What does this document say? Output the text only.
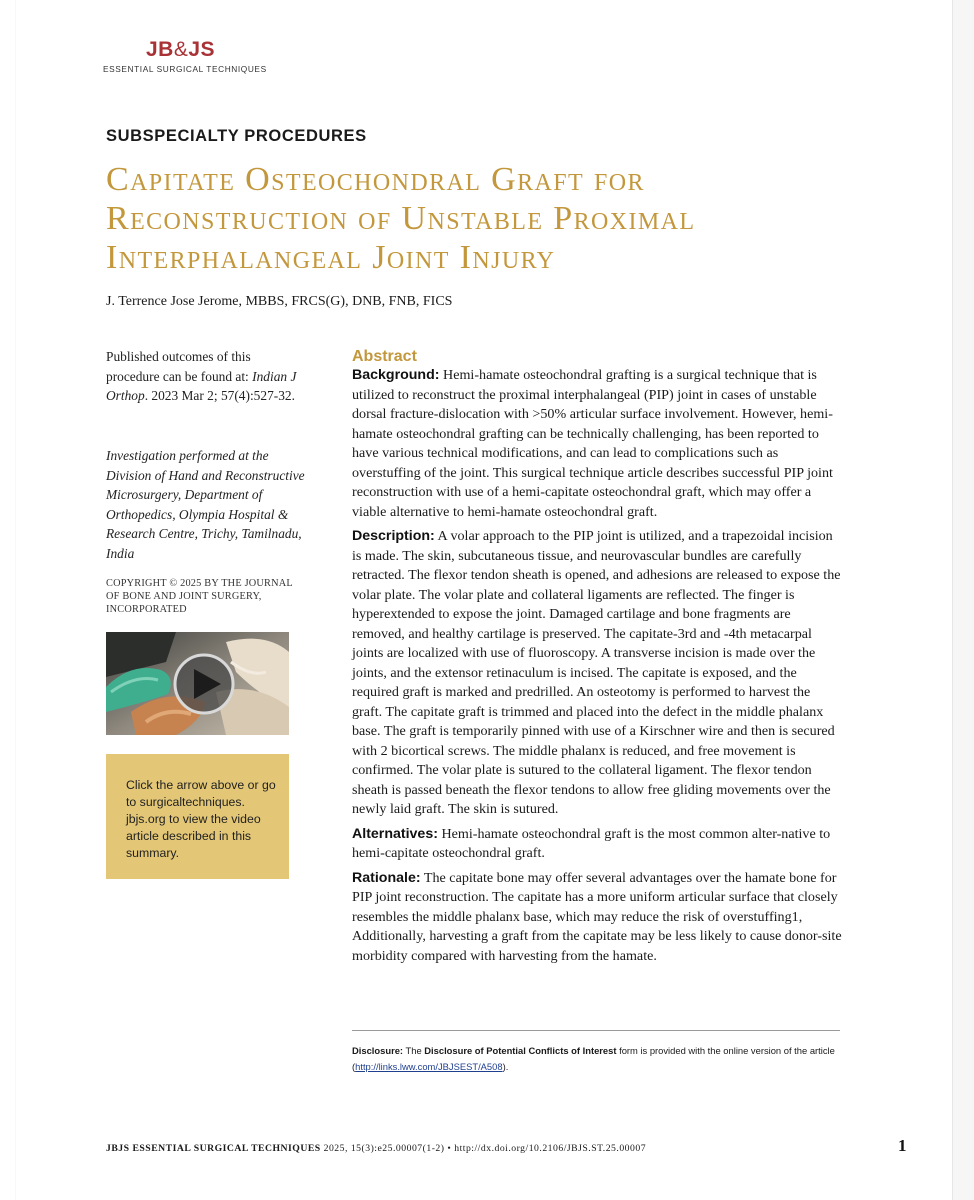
JB&JS
ESSENTIAL SURGICAL TECHNIQUES
SUBSPECIALTY PROCEDURES
Capitate Osteochondral Graft for Reconstruction of Unstable Proximal Interphalangeal Joint Injury
J. Terrence Jose Jerome, MBBS, FRCS(G), DNB, FNB, FICS
Published outcomes of this procedure can be found at: Indian J Orthop. 2023 Mar 2; 57(4):527-32.
Investigation performed at the Division of Hand and Reconstructive Microsurgery, Department of Orthopedics, Olympia Hospital & Research Centre, Trichy, Tamilnadu, India
COPYRIGHT © 2025 BY THE JOURNAL OF BONE AND JOINT SURGERY, INCORPORATED
Click the arrow above or go to surgicaltechniques. jbjs.org to view the video article described in this summary.
Abstract

Background: Hemi-hamate osteochondral grafting is a surgical technique that is utilized to reconstruct the proximal interphalangeal (PIP) joint in cases of unstable dorsal fracture-dislocation with >50% articular surface involvement. However, hemi-hamate osteochondral grafting can be technically challenging, has been reported to have various technical modifications, and can lead to complications such as overstuffing of the joint. This surgical technique article describes successful PIP joint reconstruction with use of a hemi-capitate osteochondral graft, which may offer a viable alternative to hemi-hamate osteochondral graft.

Description: A volar approach to the PIP joint is utilized, and a trapezoidal incision is made. The skin, subcutaneous tissue, and neurovascular bundles are carefully retracted. The flexor tendon sheath is opened, and adhesions are released to expose the volar plate. The volar plate and collateral ligaments are reflected. The finger is hyperextended to expose the joint. Damaged cartilage and bone fragments are removed, and healthy cartilage is preserved. The capitate-3rd and -4th metacarpal joints are localized with use of fluoroscopy. A transverse incision is made over the joints, and the extensor retinaculum is incised. The capitate is exposed, and the required graft is marked and predrilled. An osteotomy is performed to harvest the graft. The capitate graft is trimmed and placed into the defect in the middle phalanx base. The graft is temporarily pinned with use of a Kirschner wire and then is secured with 2 bicortical screws. The middle phalanx is reduced, and free movement is confirmed. The volar plate is sutured to the collateral ligament. The flexor tendon sheath is passed beneath the flexor tendons to allow free gliding movements over the newly laid graft. The skin is sutured.

Alternatives: Hemi-hamate osteochondral graft is the most common alter-native to hemi-capitate osteochondral graft.

Rationale: The capitate bone may offer several advantages over the hamate bone for PIP joint reconstruction. The capitate has a more uniform articular surface that closely resembles the middle phalanx base, which may reduce the risk of overstuffing1, Additionally, harvesting a graft from the capitate may be less likely to cause donor-site morbidity compared with harvesting from the hamate.

Disclosure: The Disclosure of Potential Conflicts of Interest form is provided with the online version of the article (http://links.lww.com/JBJSEST/A508).
JBJS ESSENTIAL SURGICAL TECHNIQUES 2025, 15(3):e25.00007(1-2) • http://dx.doi.org/10.2106/JBJS.ST.25.00007	1
